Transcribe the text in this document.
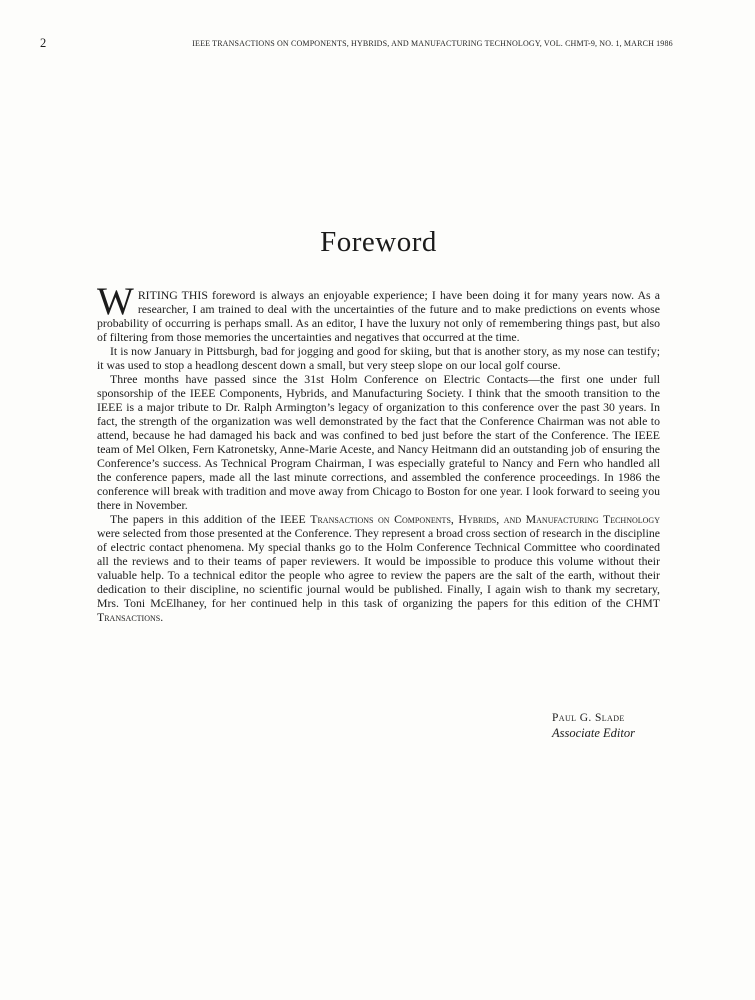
2	IEEE TRANSACTIONS ON COMPONENTS, HYBRIDS, AND MANUFACTURING TECHNOLOGY, VOL. CHMT-9, NO. 1, MARCH 1986
Foreword

WRITING THIS foreword is always an enjoyable experience; I have been doing it for many years now. As a researcher, I am trained to deal with the uncertainties of the future and to make predictions on events whose probability of occurring is perhaps small. As an editor, I have the luxury not only of remembering things past, but also of filtering from those memories the uncertainties and negatives that occurred at the time.

It is now January in Pittsburgh, bad for jogging and good for skiing, but that is another story, as my nose can testify; it was used to stop a headlong descent down a small, but very steep slope on our local golf course.

Three months have passed since the 31st Holm Conference on Electric Contacts—the first one under full sponsorship of the IEEE Components, Hybrids, and Manufacturing Society. I think that the smooth transition to the IEEE is a major tribute to Dr. Ralph Armington’s legacy of organization to this conference over the past 30 years. In fact, the strength of the organization was well demonstrated by the fact that the Conference Chairman was not able to attend, because he had damaged his back and was confined to bed just before the start of the Conference. The IEEE team of Mel Olken, Fern Katronetsky, Anne-Marie Aceste, and Nancy Heitmann did an outstanding job of ensuring the Conference’s success. As Technical Program Chairman, I was especially grateful to Nancy and Fern who handled all the conference papers, made all the last minute corrections, and assembled the conference proceedings. In 1986 the conference will break with tradition and move away from Chicago to Boston for one year. I look forward to seeing you there in November.

The papers in this addition of the IEEE Transactions on Components, Hybrids, and Manufacturing Technology were selected from those presented at the Conference. They represent a broad cross section of research in the discipline of electric contact phenomena. My special thanks go to the Holm Conference Technical Committee who coordinated all the reviews and to their teams of paper reviewers. It would be impossible to produce this volume without their valuable help. To a technical editor the people who agree to review the papers are the salt of the earth, without their dedication to their discipline, no scientific journal would be published. Finally, I again wish to thank my secretary, Mrs. Toni McElhaney, for her continued help in this task of organizing the papers for this edition of the CHMT Transactions.

Paul G. Slade
Associate Editor
